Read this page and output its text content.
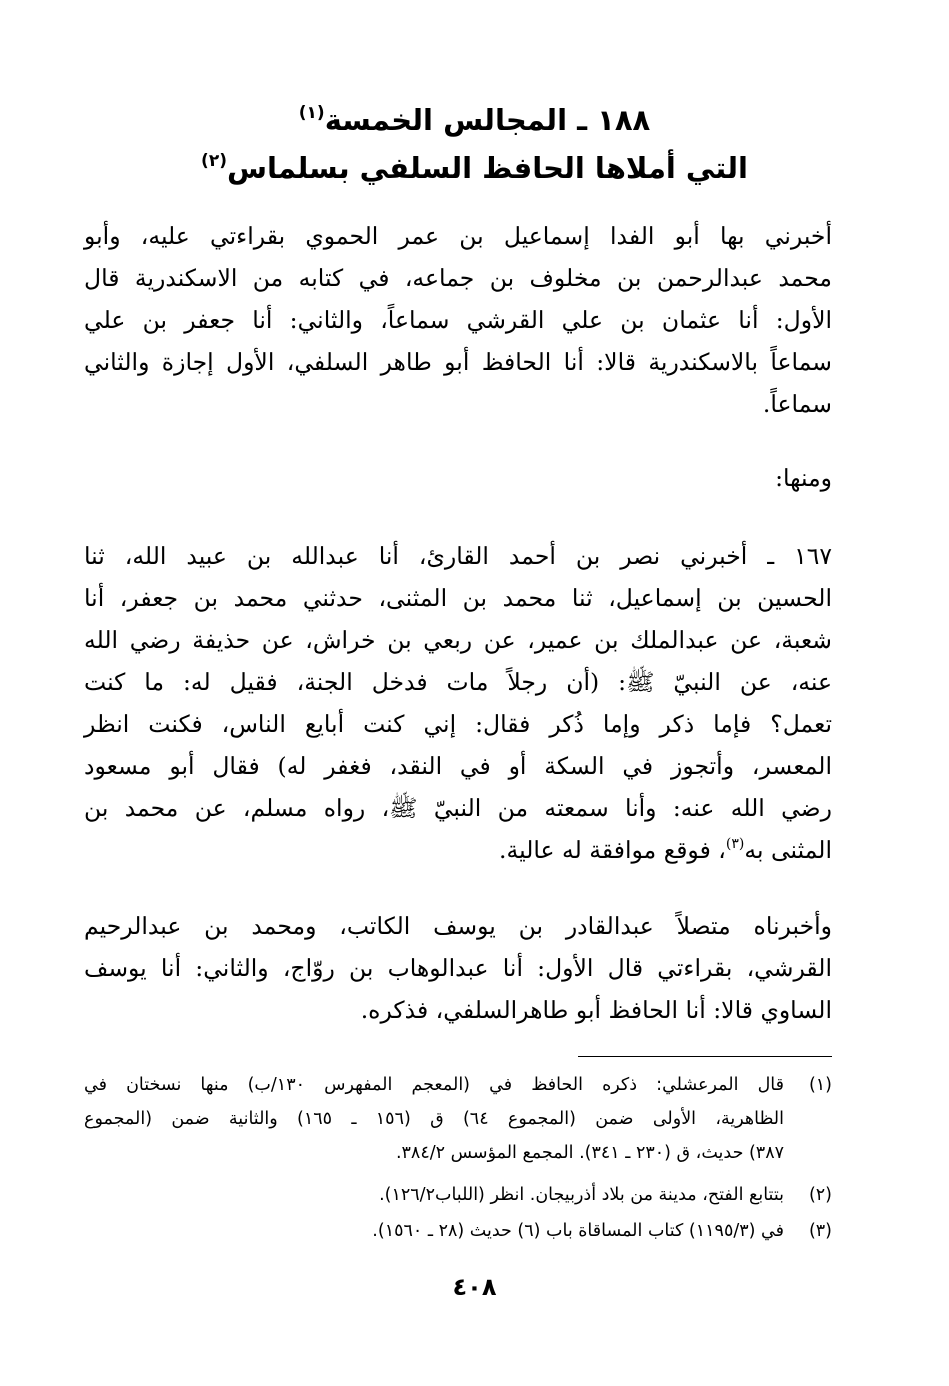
١٨٨ ـ المجالس الخمسة$^{(١)}$
التي أملاها الحافظ السلفي بسلماس$^{(٢)}$
أخبرني بها أبو الفدا إسماعيل بن عمر الحموي بقراءتي عليه، وأبو
محمد عبدالرحمن بن مخلوف بن جماعه، في كتابه من الاسكندرية قال
الأول: أنا عثمان بن علي القرشي سماعاً، والثاني: أنا جعفر بن علي
سماعاً بالاسكندرية قالا: أنا الحافظ أبو طاهر السلفي، الأول إجازة والثاني
سماعاً.
ومنها:
١٦٧ ـ أخبرني نصر بن أحمد القارئ، أنا عبدالله بن عبيد الله، ثنا
الحسين بن إسماعيل، ثنا محمد بن المثنى، حدثني محمد بن جعفر، أنا
شعبة، عن عبدالملك بن عمير، عن ربعي بن خراش، عن حذيفة رضي الله
عنه، عن النبيّ ﷺ: (أن رجلاً مات فدخل الجنة، فقيل له: ما كنت
تعمل؟ فإما ذكر وإما ذُكر فقال: إني كنت أبايع الناس، فكنت انظر
المعسر، وأتجوز في السكة أو في النقد، فغفر له) فقال أبو مسعود
رضي الله عنه: وأنا سمعته من النبيّ ﷺ، رواه مسلم، عن محمد بن
المثنى به$^{(٣)}$، فوقع موافقة له عالية.
وأخبرناه متصلاً عبدالقادر بن يوسف الكاتب، ومحمد بن عبدالرحيم
القرشي، بقراءتي قال الأول: أنا عبدالوهاب بن روّاج، والثاني: أنا يوسف
الساوي قالا: أنا الحافظ أبو طاهرالسلفي، فذكره.
(١)
قال المرعشلي: ذكره الحافظ في (المعجم المفهرس ١٣٠/ب) منها نسختان في
الظاهرية، الأولى ضمن (المجموع ٦٤) ق (١٥٦ ـ ١٦٥) والثانية ضمن (المجموع
٣٨٧) حديث، ق (٢٣٠ ـ ٣٤١). المجمع المؤسس ٣٨٤/٢.
(٢)
بتتابع الفتح، مدينة من بلاد أذربيجان. انظر (اللباب١٢٦/٢).
(٣)
في (١١٩٥/٣) كتاب المساقاة باب (٦) حديث (٢٨ ـ ١٥٦٠).
٤٠٨
